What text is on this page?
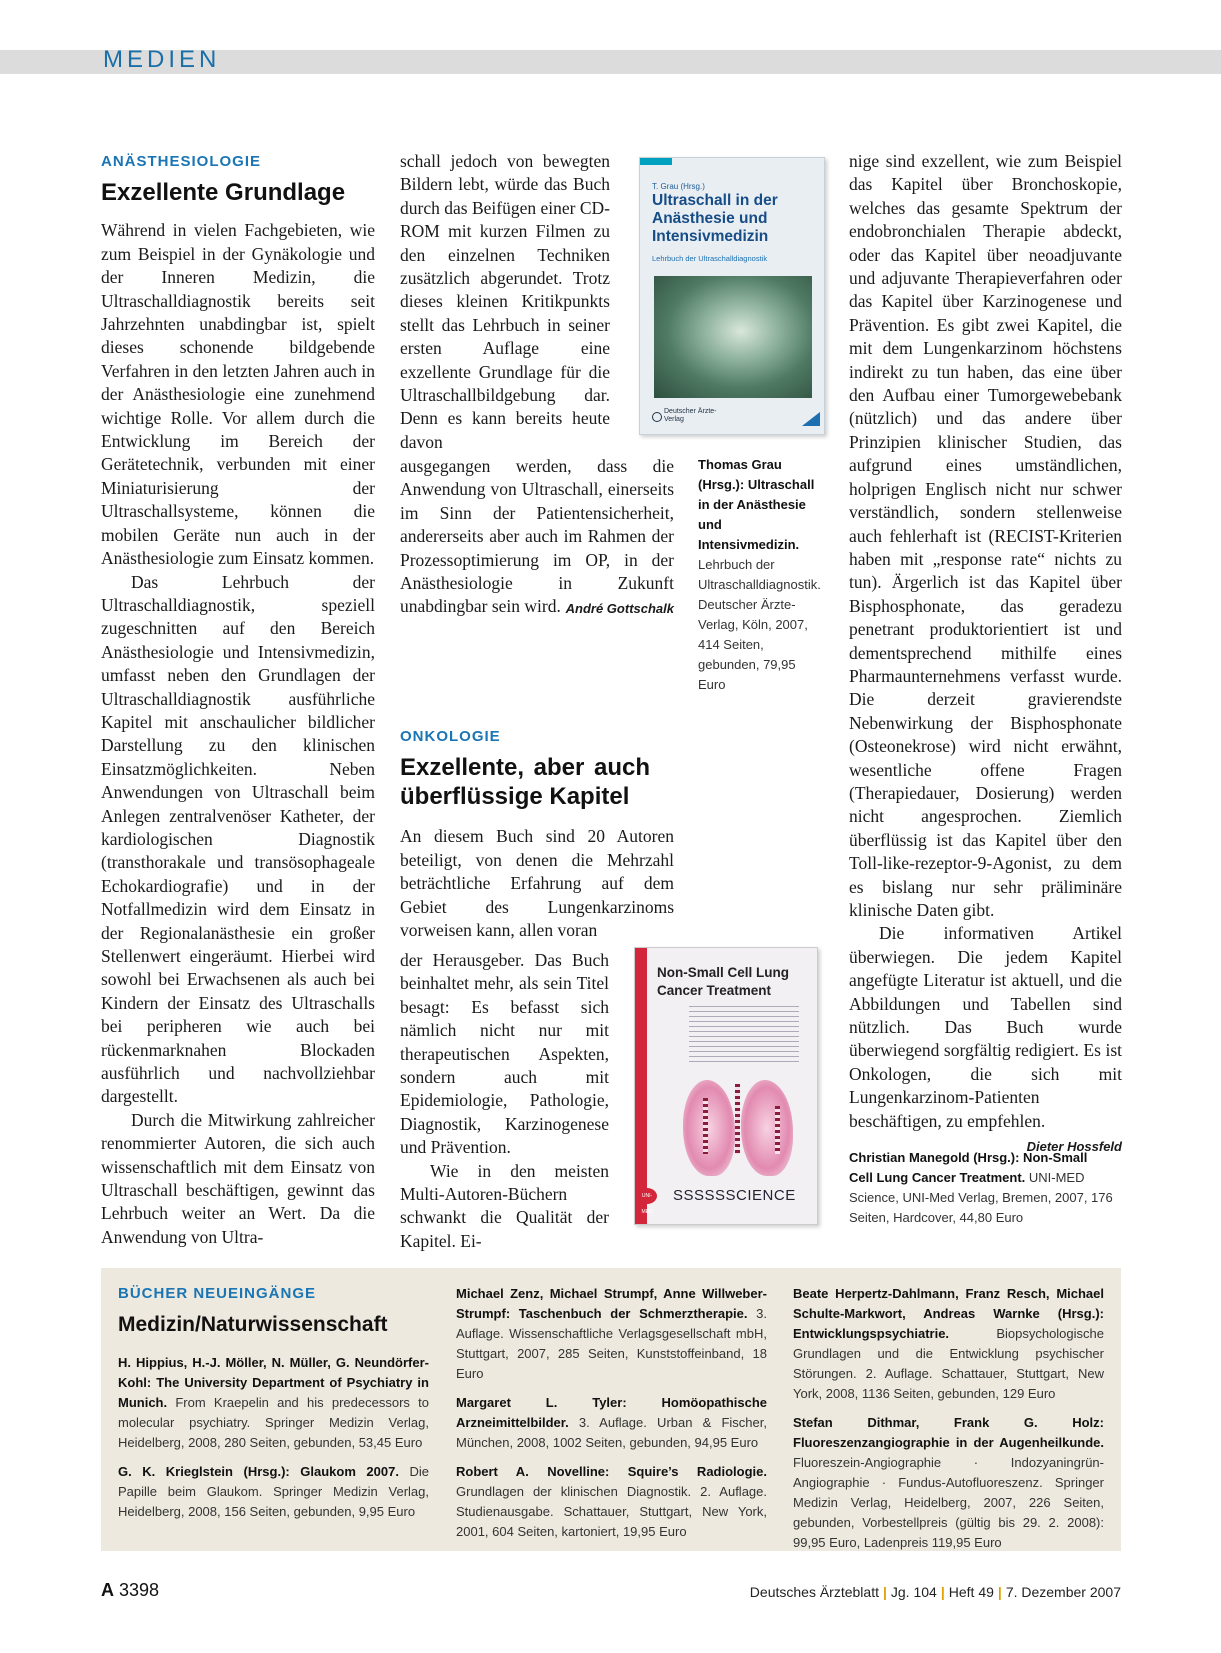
MEDIEN
ANÄSTHESIOLOGIE
Exzellente Grundlage

Während in vielen Fachgebieten, wie zum Beispiel in der Gynäkologie und der Inneren Medizin, die Ultraschalldiagnostik bereits seit Jahrzehnten unabdingbar ist, spielt dieses schonende bildgebende Verfahren in den letzten Jahren auch in der Anästhesiologie eine zunehmend wichtige Rolle. Vor allem durch die Entwicklung im Bereich der Gerätetechnik, verbunden mit einer Miniaturisierung der Ultraschallsysteme, können die mobilen Geräte nun auch in der Anästhesiologie zum Einsatz kommen.

Das Lehrbuch der Ultraschalldiagnostik, speziell zugeschnitten auf den Bereich Anästhesiologie und Intensivmedizin, umfasst neben den Grundlagen der Ultraschalldiagnostik ausführliche Kapitel mit anschaulicher bildlicher Darstellung zu den klinischen Einsatzmöglichkeiten. Neben Anwendungen von Ultraschall beim Anlegen zentralvenöser Katheter, der kardiologischen Diagnostik (transthorakale und transösophageale Echokardiografie) und in der Notfallmedizin wird dem Einsatz in der Regionalanästhesie ein großer Stellenwert eingeräumt. Hierbei wird sowohl bei Erwachsenen als auch bei Kindern der Einsatz des Ultraschalls bei peripheren wie auch bei rückenmarknahen Blockaden ausführlich und nachvollziehbar dargestellt.

Durch die Mitwirkung zahlreicher renommierter Autoren, die sich auch wissenschaftlich mit dem Einsatz von Ultraschall beschäftigen, gewinnt das Lehrbuch weiter an Wert. Da die Anwendung von Ultra-

schall jedoch von bewegten Bildern lebt, würde das Buch durch das Beifügen einer CD-ROM mit kurzen Filmen zu den einzelnen Techniken zusätzlich abgerundet. Trotz dieses kleinen Kritikpunkts stellt das Lehrbuch in seiner ersten Auflage eine exzellente Grundlage für die Ultraschallbildgebung dar. Denn es kann bereits heute davon

ausgegangen werden, dass die Anwendung von Ultraschall, einerseits im Sinn der Patientensicherheit, andererseits aber auch im Rahmen der Prozessoptimierung im OP, in der Anästhesiologie in Zukunft unabdingbar sein wird. André Gottschalk

T. Grau (Hrsg.)
Ultraschall in der Anästhesie und Intensivmedizin
Lehrbuch der Ultraschalldiagnostik
Deutscher Ärzte-Verlag
Thomas Grau (Hrsg.): Ultraschall in der Anästhesie und Intensivmedizin. Lehrbuch der Ultraschalldiagnostik. Deutscher Ärzte-Verlag, Köln, 2007, 414 Seiten, gebunden, 79,95 Euro
ONKOLOGIE
Exzellente, aber auch überflüssige Kapitel

An diesem Buch sind 20 Autoren beteiligt, von denen die Mehrzahl beträchtliche Erfahrung auf dem Gebiet des Lungenkarzinoms vorweisen kann, allen voran

der Herausgeber. Das Buch beinhaltet mehr, als sein Titel besagt: Es befasst sich nämlich nicht nur mit therapeutischen Aspekten, sondern auch mit Epidemiologie, Pathologie, Diagnostik, Karzinogenese und Prävention.

Wie in den meisten Multi-Autoren-Büchern schwankt die Qualität der Kapitel. Ei-

Non-Small Cell Lung Cancer Treatment
UNI-MED
SSSSSSCIENCE

nige sind exzellent, wie zum Beispiel das Kapitel über Bronchoskopie, welches das gesamte Spektrum der endobronchialen Therapie abdeckt, oder das Kapitel über neoadjuvante und adjuvante Therapieverfahren oder das Kapitel über Karzinogenese und Prävention. Es gibt zwei Kapitel, die mit dem Lungenkarzinom höchstens indirekt zu tun haben, das eine über den Aufbau einer Tumorgewebebank (nützlich) und das andere über Prinzipien klinischer Studien, das aufgrund eines umständlichen, holprigen Englisch nicht nur schwer verständlich, sondern stellenweise auch fehlerhaft ist (RECIST-Kriterien haben mit „response rate“ nichts zu tun). Ärgerlich ist das Kapitel über Bisphosphonate, das geradezu penetrant produktorientiert ist und dementsprechend mithilfe eines Pharmaunternehmens verfasst wurde. Die derzeit gravierendste Nebenwirkung der Bisphosphonate (Osteonekrose) wird nicht erwähnt, wesentliche offene Fragen (Therapiedauer, Dosierung) werden nicht angesprochen. Ziemlich überflüssig ist das Kapitel über den Toll-like-rezeptor-9-Agonist, zu dem es bislang nur sehr präliminäre klinische Daten gibt.

Die informativen Artikel überwiegen. Die jedem Kapitel angefügte Literatur ist aktuell, und die Abbildungen und Tabellen sind nützlich. Das Buch wurde überwiegend sorgfältig redigiert. Es ist Onkologen, die sich mit Lungenkarzinom-Patienten beschäftigen, zu empfehlen.

Dieter Hossfeld
Christian Manegold (Hrsg.): Non-Small Cell Lung Cancer Treatment. UNI-MED Science, UNI-Med Verlag, Bremen, 2007, 176 Seiten, Hardcover, 44,80 Euro
BÜCHER NEUEINGÄNGE
Medizin/Naturwissenschaft

H. Hippius, H.-J. Möller, N. Müller, G. Neundörfer-Kohl: The University Department of Psychiatry in Munich. From Kraepelin and his predecessors to molecular psychiatry. Springer Medizin Verlag, Heidelberg, 2008, 280 Seiten, gebunden, 53,45 Euro

G. K. Krieglstein (Hrsg.): Glaukom 2007. Die Papille beim Glaukom. Springer Medizin Verlag, Heidelberg, 2008, 156 Seiten, gebunden, 9,95 Euro

Michael Zenz, Michael Strumpf, Anne Willweber-Strumpf: Taschenbuch der Schmerztherapie. 3. Auflage. Wissenschaftliche Verlagsgesellschaft mbH, Stuttgart, 2007, 285 Seiten, Kunststoffeinband, 18 Euro

Margaret L. Tyler: Homöopathische Arzneimittelbilder. 3. Auflage. Urban & Fischer, München, 2008, 1002 Seiten, gebunden, 94,95 Euro

Robert A. Novelline: Squire’s Radiologie. Grundlagen der klinischen Diagnostik. 2. Auflage. Studienausgabe. Schattauer, Stuttgart, New York, 2001, 604 Seiten, kartoniert, 19,95 Euro

Beate Herpertz-Dahlmann, Franz Resch, Michael Schulte-Markwort, Andreas Warnke (Hrsg.): Entwicklungspsychiatrie. Biopsychologische Grundlagen und die Entwicklung psychischer Störungen. 2. Auflage. Schattauer, Stuttgart, New York, 2008, 1136 Seiten, gebunden, 129 Euro

Stefan Dithmar, Frank G. Holz: Fluoreszenzangiographie in der Augenheilkunde. Fluoreszein-Angiographie · Indozyaningrün-Angiographie · Fundus-Autofluoreszenz. Springer Medizin Verlag, Heidelberg, 2007, 226 Seiten, gebunden, Vorbestellpreis (gültig bis 29. 2. 2008): 99,95 Euro, Ladenpreis 119,95 Euro

A 3398	Deutsches Ärzteblatt | Jg. 104 | Heft 49 | 7. Dezember 2007
